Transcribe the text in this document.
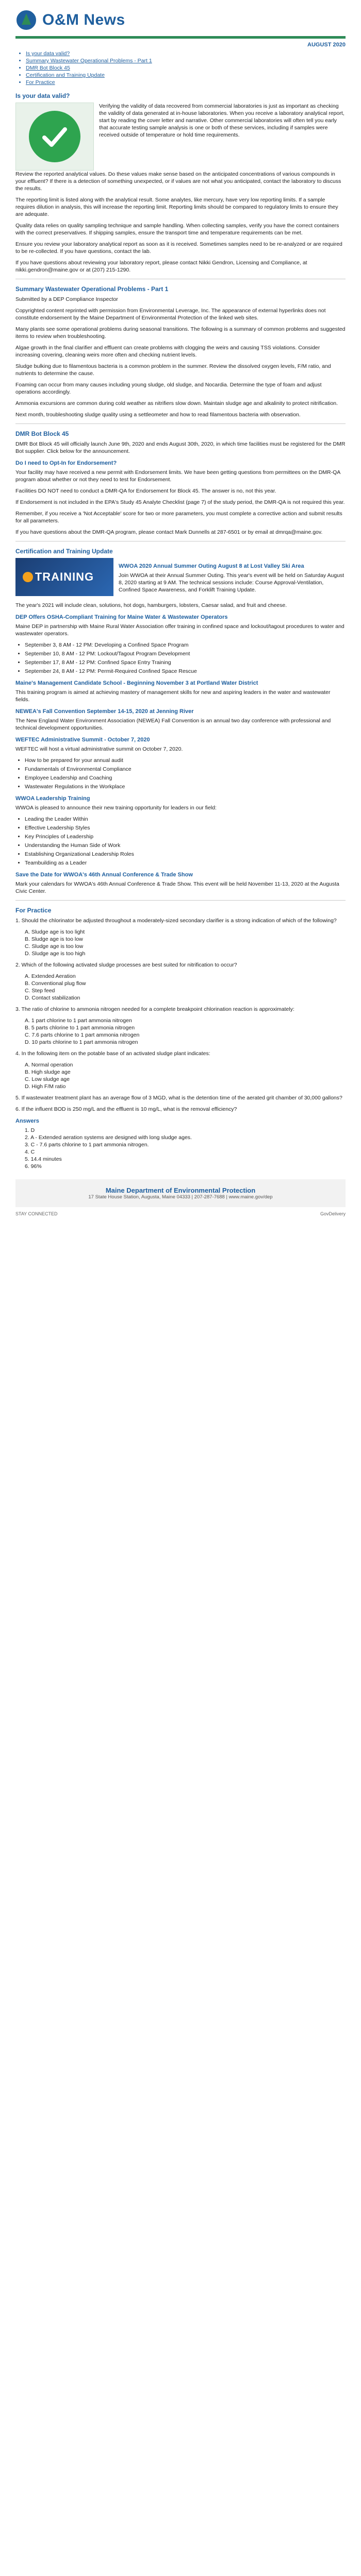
O&M News
AUGUST 2020
• Is your data valid?
• Summary Wastewater Operational Problems - Part 1
• DMR Bot Block 45
• Certification and Training Update
• For Practice
Is your data valid?

Verifying the validity of data recovered from commercial laboratories is just as important as checking the validity of data generated at in-house laboratories. When you receive a laboratory analytical report, start by reading the cover letter and narrative. Other commercial laboratories will often tell you early that accurate testing sample analysis is one or both of these services, including if samples were received outside of temperature or hold time requirements.

Review the reported analytical values. Do these values make sense based on the anticipated concentrations of various compounds in your effluent? If there is a detection of something unexpected, or if values are not what you anticipated, contact the laboratory to discuss the results.

The reporting limit is listed along with the analytical result. Some analytes, like mercury, have very low reporting limits. If a sample requires dilution in analysis, this will increase the reporting limit. Reporting limits should be compared to regulatory limits to ensure they are adequate.

Quality data relies on quality sampling technique and sample handling. When collecting samples, verify you have the correct containers with the correct preservatives. If shipping samples, ensure the transport time and temperature requirements can be met.

Ensure you review your laboratory analytical report as soon as it is received. Sometimes samples need to be re-analyzed or are required to be re-collected. If you have questions, contact the lab.

If you have questions about reviewing your laboratory report, please contact Nikki Gendron, Licensing and Compliance, at nikki.gendron@maine.gov or at (207) 215-1290.

Summary Wastewater Operational Problems - Part 1

Submitted by a DEP Compliance Inspector

Copyrighted content reprinted with permission from Environmental Leverage, Inc. The appearance of external hyperlinks does not constitute endorsement by the Maine Department of Environmental Protection of the linked web sites.

Many plants see some operational problems during seasonal transitions. The following is a summary of common problems and suggested items to review when troubleshooting.

Algae growth in the final clarifier and effluent can create problems with clogging the weirs and causing TSS violations. Consider increasing covering, cleaning weirs more often and checking nutrient levels.

Sludge bulking due to filamentous bacteria is a common problem in the summer. Review the dissolved oxygen levels, F/M ratio, and nutrients to determine the cause.

Foaming can occur from many causes including young sludge, old sludge, and Nocardia. Determine the type of foam and adjust operations accordingly.

Ammonia excursions are common during cold weather as nitrifiers slow down. Maintain sludge age and alkalinity to protect nitrification.

Next month, troubleshooting sludge quality using a settleometer and how to read filamentous bacteria with observation.

DMR Bot Block 45

DMR Bot Block 45 will officially launch June 9th, 2020 and ends August 30th, 2020, in which time facilities must be registered for the DMR Bot supplier. Click below for the announcement.

Do I need to Opt-In for Endorsement?

Your facility may have received a new permit with Endorsement limits. We have been getting questions from permittees on the DMR-QA program about whether or not they need to test for Endorsement.

Facilities DO NOT need to conduct a DMR-QA for Endorsement for Block 45. The answer is no, not this year.

If Endorsement is not included in the EPA's Study 45 Analyte Checklist (page 7) of the study period, the DMR-QA is not required this year.

Remember, if you receive a 'Not Acceptable' score for two or more parameters, you must complete a corrective action and submit results for all parameters.

If you have questions about the DMR-QA program, please contact Mark Dunnells at 287-6501 or by email at dmrqa@maine.gov.

Certification and Training Update
TRAINING
WWOA 2020 Annual Summer Outing August 8 at Lost Valley Ski Area

Join WWOA at their Annual Summer Outing. This year's event will be held on Saturday August 8, 2020 starting at 9 AM. The technical sessions include: Course Approval-Ventilation, Confined Space Awareness, and Forklift Training Update.

The year's 2021 will include clean, solutions, hot dogs, hamburgers, lobsters, Caesar salad, and fruit and cheese.

DEP Offers OSHA-Compliant Training for Maine Water & Wastewater Operators

Maine DEP in partnership with Maine Rural Water Association offer training in confined space and lockout/tagout procedures to water and wastewater operators.

• September 3, 8 AM - 12 PM: Developing a Confined Space Program
• September 10, 8 AM - 12 PM: Lockout/Tagout Program Development
• September 17, 8 AM - 12 PM: Confined Space Entry Training
• September 24, 8 AM - 12 PM: Permit-Required Confined Space Rescue
Maine's Management Candidate School - Beginning November 3 at Portland Water District

This training program is aimed at achieving mastery of management skills for new and aspiring leaders in the water and wastewater fields.

NEWEA's Fall Convention September 14-15, 2020 at Jenning River

The New England Water Environment Association (NEWEA) Fall Convention is an annual two day conference with professional and technical development opportunities.

WEFTEC Administrative Summit - October 7, 2020

WEFTEC will host a virtual administrative summit on October 7, 2020.

• How to be prepared for your annual audit
• Fundamentals of Environmental Compliance
• Employee Leadership and Coaching
• Wastewater Regulations in the Workplace
WWOA Leadership Training

WWOA is pleased to announce their new training opportunity for leaders in our field:

• Leading the Leader Within
• Effective Leadership Styles
• Key Principles of Leadership
• Understanding the Human Side of Work
• Establishing Organizational Leadership Roles
• Teambuilding as a Leader
Save the Date for WWOA's 46th Annual Conference & Trade Show

Mark your calendars for WWOA's 46th Annual Conference & Trade Show. This event will be held November 11-13, 2020 at the Augusta Civic Center.

For Practice

1. Should the chlorinator be adjusted throughout a moderately-sized secondary clarifier is a strong indication of which of the following?

A. Sludge age is too light
B. Sludge age is too low
C. Sludge age is too low
D. Sludge age is too high

2. Which of the following activated sludge processes are best suited for nitrification to occur?

A. Extended Aeration
B. Conventional plug flow
C. Step feed
D. Contact stabilization

3. The ratio of chlorine to ammonia nitrogen needed for a complete breakpoint chlorination reaction is approximately:

A. 1 part chlorine to 1 part ammonia nitrogen
B. 5 parts chlorine to 1 part ammonia nitrogen
C. 7.6 parts chlorine to 1 part ammonia nitrogen
D. 10 parts chlorine to 1 part ammonia nitrogen

4. In the following item on the potable base of an activated sludge plant indicates:

A. Normal operation
B. High sludge age
C. Low sludge age
D. High F/M ratio

5. If wastewater treatment plant has an average flow of 3 MGD, what is the detention time of the aerated grit chamber of 30,000 gallons?

6. If the influent BOD is 250 mg/L and the effluent is 10 mg/L, what is the removal efficiency?

Answers
1. D
2. A - Extended aeration systems are designed with long sludge ages.
3. C - 7.6 parts chlorine to 1 part ammonia nitrogen.
4. C
5. 14.4 minutes
6. 96%
Maine Department of Environmental Protection
17 State House Station, Augusta, Maine 04333 | 207-287-7688 | www.maine.gov/dep
STAY CONNECTED	GovDelivery
